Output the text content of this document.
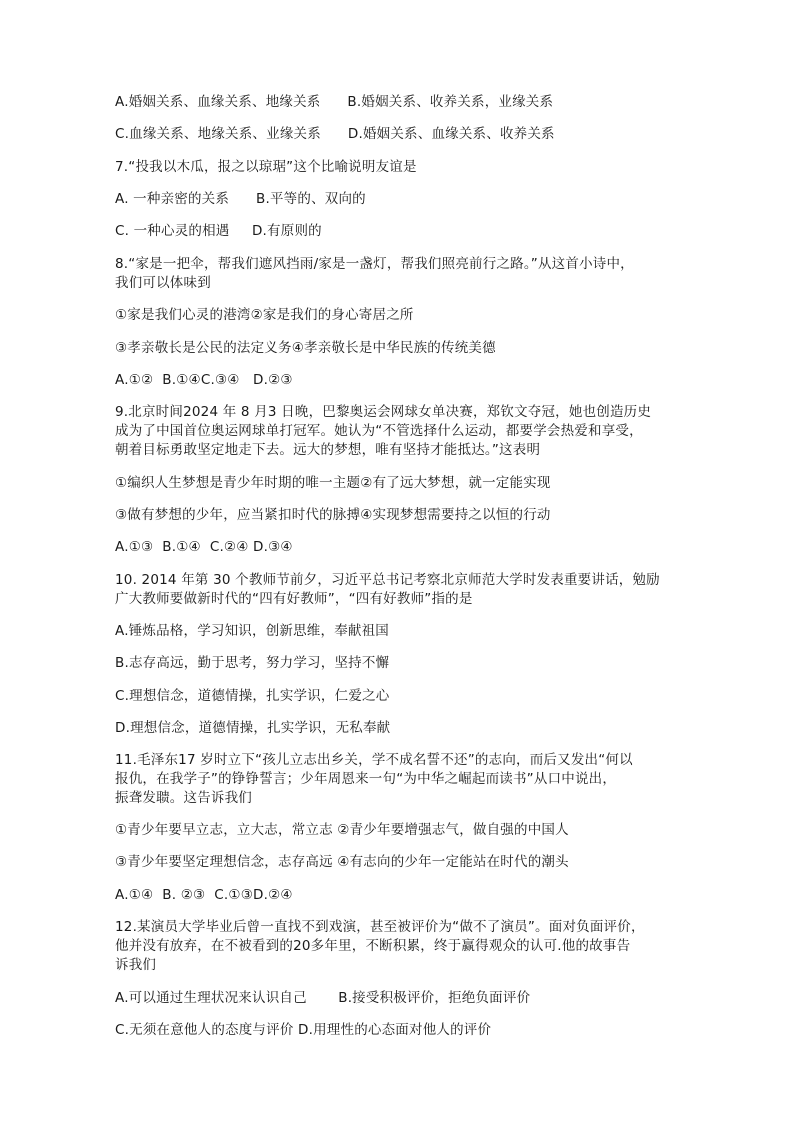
A.婚姻关系、血缘关系、地缘关系      B.婚姻关系、收养关系，业缘关系
C.血缘关系、地缘关系、业缘关系      D.婚姻关系、血缘关系、收养关系
7.“投我以木瓜，报之以琼琚”这个比喻说明友谊是
A. 一种亲密的关系      B.平等的、双向的
C. 一种心灵的相遇     D.有原则的
8.“家是一把伞，帮我们遮风挡雨/家是一盏灯，帮我们照亮前行之路。”从这首小诗中，
我们可以体味到
①家是我们心灵的港湾②家是我们的身心寄居之所
③孝亲敬长是公民的法定义务④孝亲敬长是中华民族的传统美德
A.①②  B.①④C.③④   D.②③
9.北京时间2024 年 8 月3 日晚，巴黎奥运会网球女单决赛，郑钦文夺冠，她也创造历史
成为了中国首位奥运网球单打冠军。她认为“不管选择什么运动，都要学会热爱和享受，
朝着目标勇敢坚定地走下去。远大的梦想，唯有坚持才能抵达。”这表明
①编织人生梦想是青少年时期的唯一主题②有了远大梦想，就一定能实现
③做有梦想的少年，应当紧扣时代的脉搏④实现梦想需要持之以恒的行动
A.①③  B.①④  C.②④ D.③④
10. 2014 年第 30 个教师节前夕，习近平总书记考察北京师范大学时发表重要讲话，勉励
广大教师要做新时代的“四有好教师”，“四有好教师”指的是
A.锤炼品格，学习知识，创新思维，奉献祖国
B.志存高远，勤于思考，努力学习，坚持不懈
C.理想信念，道德情操，扎实学识，仁爱之心
D.理想信念，道德情操，扎实学识，无私奉献
11.毛泽东17 岁时立下“孩儿立志出乡关，学不成名誓不还”的志向，而后又发出“何以
报仇，在我学子”的铮铮誓言；少年周恩来一句“为中华之崛起而读书”从口中说出，
振聋发聩。这告诉我们
①青少年要早立志，立大志，常立志 ②青少年要增强志气，做自强的中国人
③青少年要坚定理想信念，志存高远 ④有志向的少年一定能站在时代的潮头
A.①④  B. ②③  C.①③D.②④
12.某演员大学毕业后曾一直找不到戏演，甚至被评价为“做不了演员”。面对负面评价，
他并没有放弃，在不被看到的20多年里，不断积累，终于赢得观众的认可.他的故事告
诉我们
A.可以通过生理状况来认识自己       B.接受积极评价，拒绝负面评价
C.无须在意他人的态度与评价 D.用理性的心态面对他人的评价
